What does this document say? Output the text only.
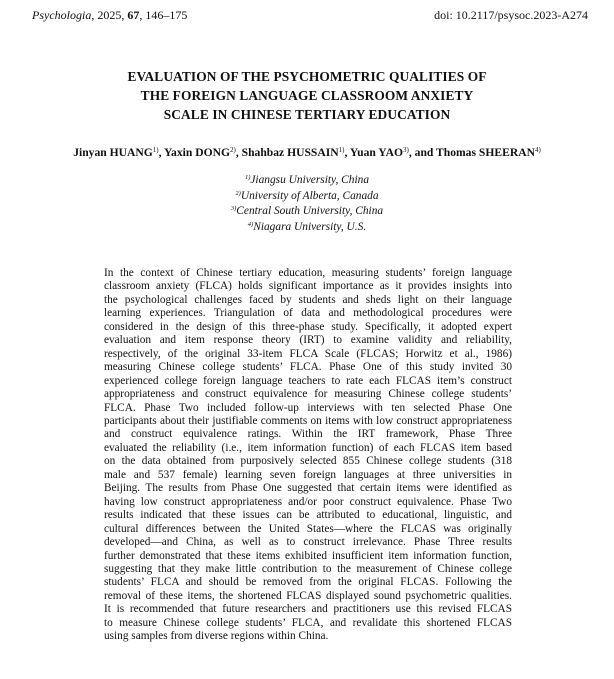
Psychologia, 2025, 67, 146–175	doi: 10.2117/psysoc.2023-A274
EVALUATION OF THE PSYCHOMETRIC QUALITIES OF
THE FOREIGN LANGUAGE CLASSROOM ANXIETY
SCALE IN CHINESE TERTIARY EDUCATION
Jinyan HUANG$^{1)}$, Yaxin DONG$^{2)}$, Shahbaz HUSSAIN$^{1)}$, Yuan YAO$^{3)}$, and Thomas SHEERAN$^{4)}$
$^{1)}$Jiangsu University, China
$^{2)}$University of Alberta, Canada
$^{3)}$Central South University, China
$^{4)}$Niagara University, U.S.
In the context of Chinese tertiary education, measuring students’ foreign language
classroom anxiety (FLCA) holds significant importance as it provides insights into
the psychological challenges faced by students and sheds light on their language
learning experiences. Triangulation of data and methodological procedures were
considered in the design of this three-phase study. Specifically, it adopted expert
evaluation and item response theory (IRT) to examine validity and reliability,
respectively, of the original 33-item FLCA Scale (FLCAS; Horwitz et al., 1986)
measuring Chinese college students’ FLCA. Phase One of this study invited 30
experienced college foreign language teachers to rate each FLCAS item’s construct
appropriateness and construct equivalence for measuring Chinese college students’
FLCA. Phase Two included follow-up interviews with ten selected Phase One
participants about their justifiable comments on items with low construct appropriateness
and construct equivalence ratings. Within the IRT framework, Phase Three
evaluated the reliability (i.e., item information function) of each FLCAS item based
on the data obtained from purposively selected 855 Chinese college students (318
male and 537 female) learning seven foreign languages at three universities in
Beijing. The results from Phase One suggested that certain items were identified as
having low construct appropriateness and/or poor construct equivalence. Phase Two
results indicated that these issues can be attributed to educational, linguistic, and
cultural differences between the United States—where the FLCAS was originally
developed—and China, as well as to construct irrelevance. Phase Three results
further demonstrated that these items exhibited insufficient item information function,
suggesting that they make little contribution to the measurement of Chinese college
students’ FLCA and should be removed from the original FLCAS. Following the
removal of these items, the shortened FLCAS displayed sound psychometric qualities.
It is recommended that future researchers and practitioners use this revised FLCAS
to measure Chinese college students’ FLCA, and revalidate this shortened FLCAS
using samples from diverse regions within China.
